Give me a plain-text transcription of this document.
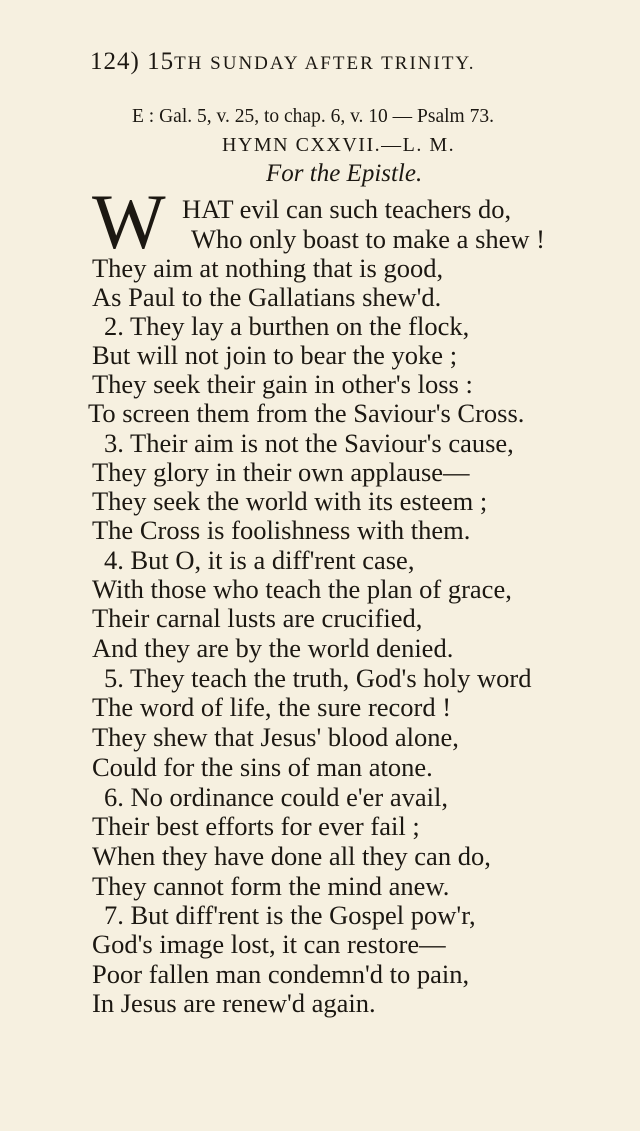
124) 15TH SUNDAY AFTER TRINITY.
E : Gal. 5, v. 25, to chap. 6, v. 10 — Psalm 73.
HYMN CXXVII.—L. M.
For the Epistle.
W HAT evil can such teachers do,
Who only boast to make a shew !
They aim at nothing that is good,
As Paul to the Gallatians shew'd.
2. They lay a burthen on the flock,
But will not join to bear the yoke ;
They seek their gain in other's loss :
To screen them from the Saviour's Cross.
3. Their aim is not the Saviour's cause,
They glory in their own applause—
They seek the world with its esteem ;
The Cross is foolishness with them.
4. But O, it is a diff'rent case,
With those who teach the plan of grace,
Their carnal lusts are crucified,
And they are by the world denied.
5. They teach the truth, God's holy word
The word of life, the sure record !
They shew that Jesus' blood alone,
Could for the sins of man atone.
6. No ordinance could e'er avail,
Their best efforts for ever fail ;
When they have done all they can do,
They cannot form the mind anew.
7. But diff'rent is the Gospel pow'r,
God's image lost, it can restore—
Poor fallen man condemn'd to pain,
In Jesus are renew'd again.
